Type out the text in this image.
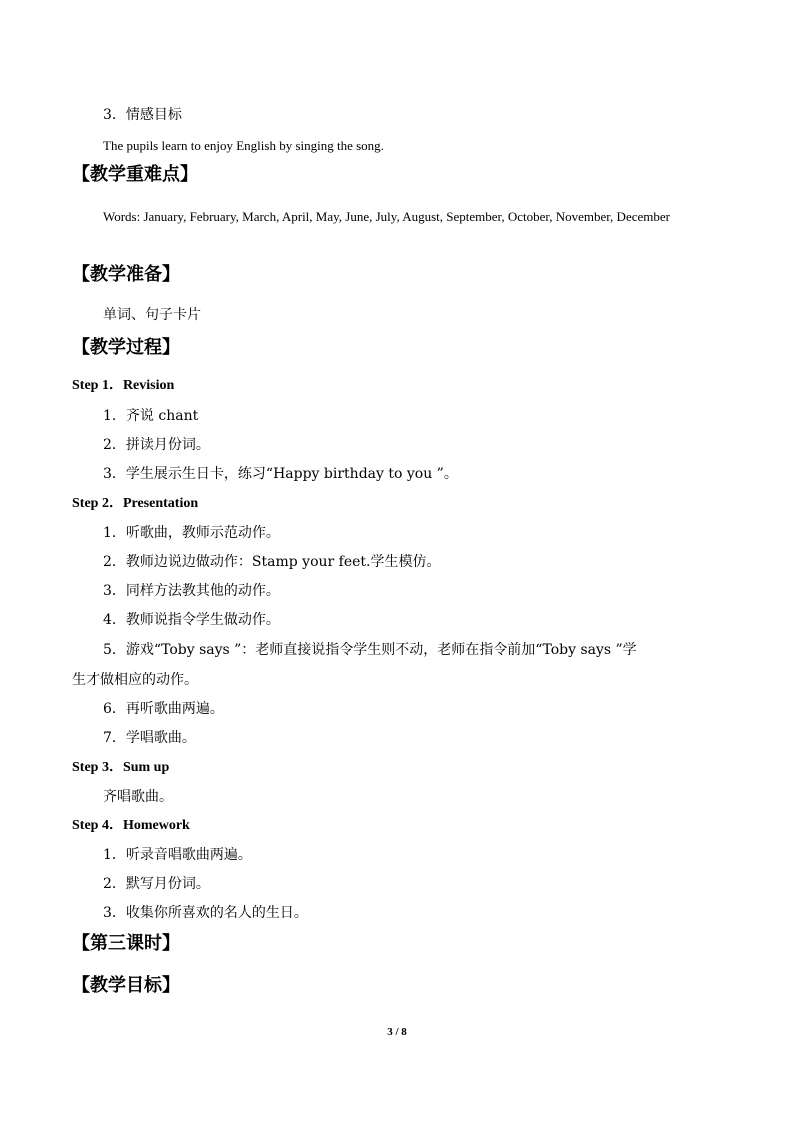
3．情感目标
The pupils learn to enjoy English by singing the song.
【教学重难点】
Words: January, February, March, April, May, June, July, August, September, October, November, December
【教学准备】
单词、句子卡片
【教学过程】
Step 1．Revision
1．齐说 chant
2．拼读月份词。
3．学生展示生日卡，练习“Happy birthday to you ”。
Step 2．Presentation
1．听歌曲，教师示范动作。
2．教师边说边做动作：Stamp your feet.学生模仿。
3．同样方法教其他的动作。
4．教师说指令学生做动作。
5．游戏“Toby says ”：老师直接说指令学生则不动，老师在指令前加“Toby says ”学
生才做相应的动作。
6．再听歌曲两遍。
7．学唱歌曲。
Step 3．Sum up
齐唱歌曲。
Step 4．Homework
1．听录音唱歌曲两遍。
2．默写月份词。
3．收集你所喜欢的名人的生日。
【第三课时】
【教学目标】
3 / 8
